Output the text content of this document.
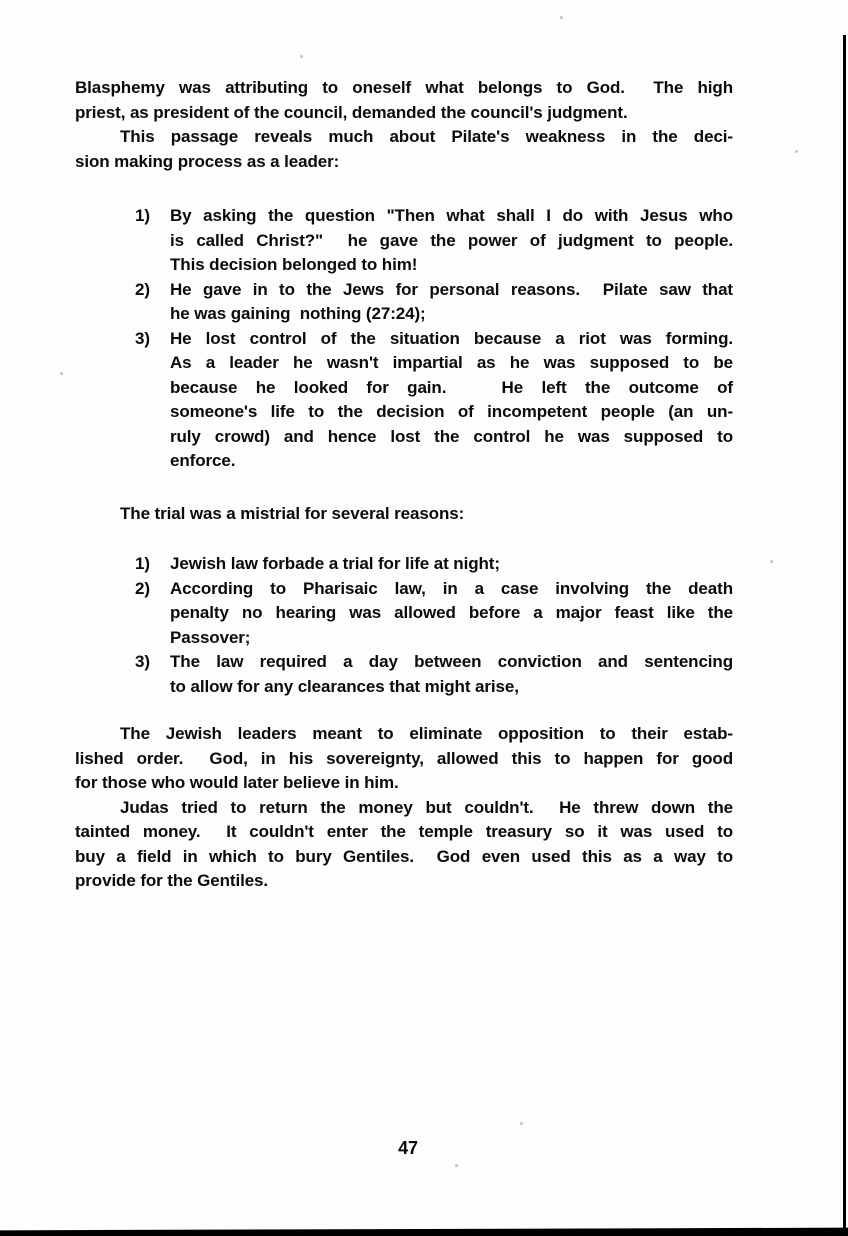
Blasphemy was attributing to oneself what belongs to God.  The high
priest, as president of the council, demanded the council's judgment.
This passage reveals much about Pilate's weakness in the deci-
sion making process as a leader:
1)	By asking the question "Then what shall I do with Jesus who
is called Christ?"  he gave the power of judgment to people.
This decision belonged to him!
2)	He gave in to the Jews for personal reasons.  Pilate saw that
he was gaining  nothing (27:24);
3)	He lost control of the situation because a riot was forming.
As a leader he wasn't impartial as he was supposed to be
because he looked for gain.   He left the outcome of
someone's life to the decision of incompetent people (an un-
ruly crowd) and hence lost the control he was supposed to
enforce.
The trial was a mistrial for several reasons:
1)	Jewish law forbade a trial for life at night;
2)	According to Pharisaic law, in a case involving the death
penalty no hearing was allowed before a major feast like the
Passover;
3)	The law required a day between conviction and sentencing
to allow for any clearances that might arise,
The Jewish leaders meant to eliminate opposition to their estab-
lished order.  God, in his sovereignty, allowed this to happen for good
for those who would later believe in him.
Judas tried to return the money but couldn't.  He threw down the
tainted money.  It couldn't enter the temple treasury so it was used to
buy a field in which to bury Gentiles.  God even used this as a way to
provide for the Gentiles.
47
